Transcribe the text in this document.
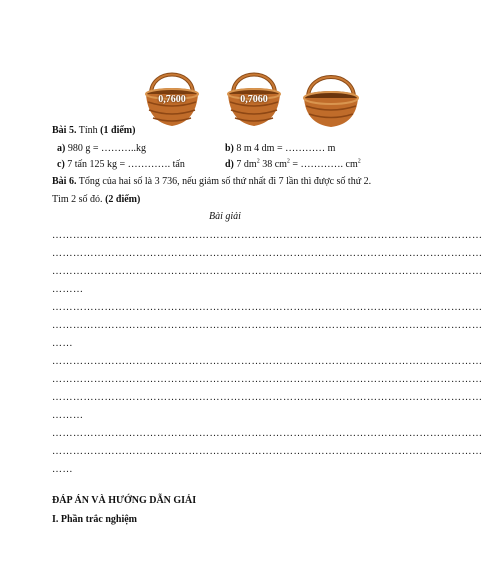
0,7600	0,7060
Bài 5. Tính (1 điểm)
a) 980 g = ………..kg	b) 8 m 4 dm = ………… m
c) 7 tấn 125 kg = …………. tấn	d) 7 $dm^2$ 38 $cm^2$ = …………. $cm^2$
Bài 6. Tổng của hai số là 3 736, nếu giảm số thứ nhất đi 7 lần thì được số thứ 2.
Tìm 2 số đó. (2 điểm)
Bài giải
……………………………………………………………………………………………………………
……………………………………………………………………………………………………………
……………………………………………………………………………………………………………
………
……………………………………………………………………………………………………………
……………………………………………………………………………………………………………
……
……………………………………………………………………………………………………………
……………………………………………………………………………………………………………
……………………………………………………………………………………………………………
………
……………………………………………………………………………………………………………
……………………………………………………………………………………………………………
……
ĐÁP ÁN VÀ HƯỚNG DẪN GIẢI
I. Phần trắc nghiệm
